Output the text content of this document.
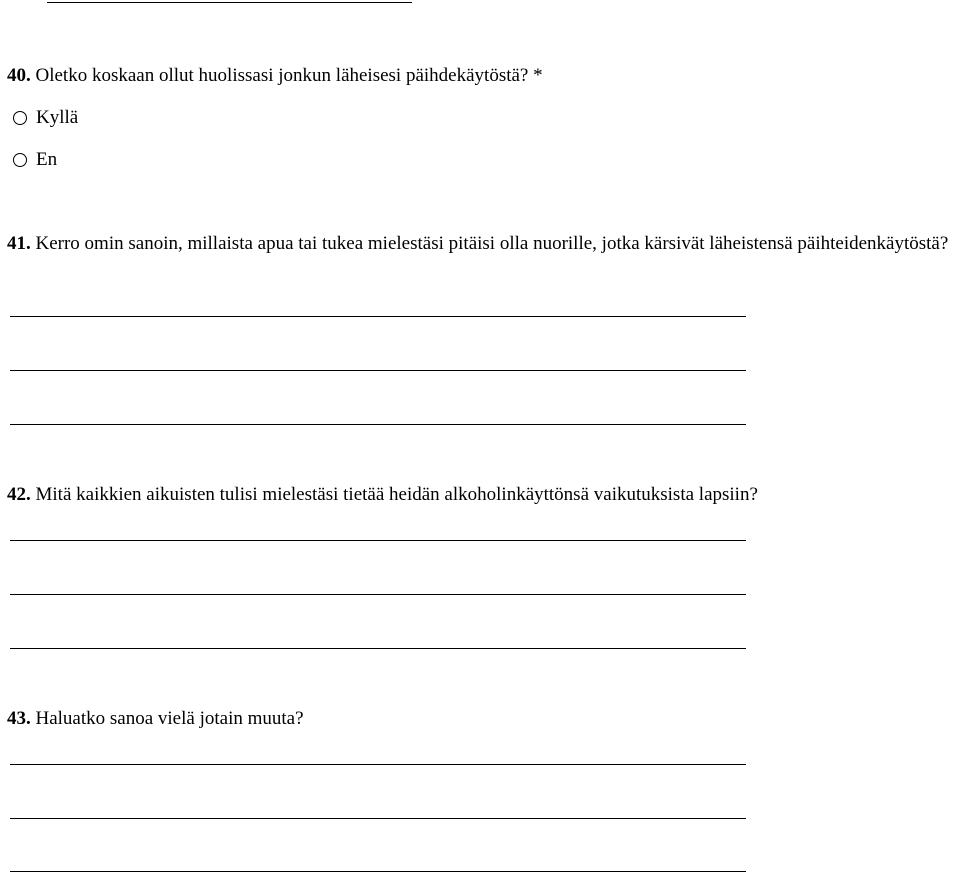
40. Oletko koskaan ollut huolissasi jonkun läheisesi päihdekäytöstä? *
Kyllä
En
41. Kerro omin sanoin, millaista apua tai tukea mielestäsi pitäisi olla nuorille, jotka kärsivät läheistensä päihteidenkäytöstä?
42. Mitä kaikkien aikuisten tulisi mielestäsi tietää heidän alkoholinkäyttönsä vaikutuksista lapsiin?
43. Haluatko sanoa vielä jotain muuta?
